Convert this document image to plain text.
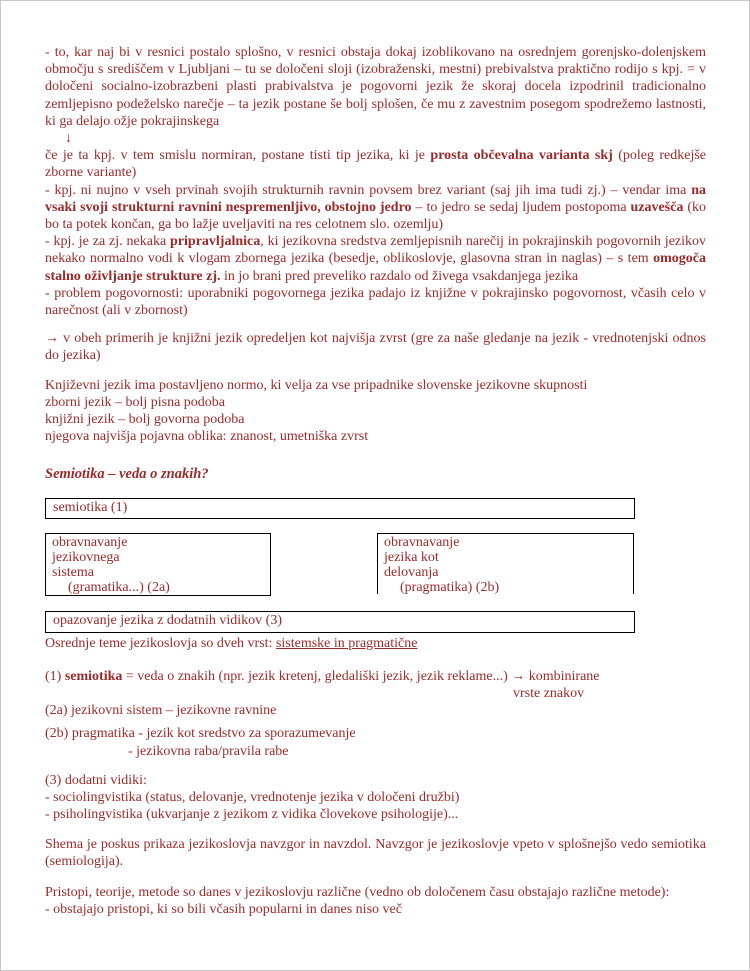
- to, kar naj bi v resnici postalo splošno, v resnici obstaja dokaj izoblikovano na osrednjem gorenjsko-dolenjskem območju s središčem v Ljubljani – tu se določeni sloji (izobraženski, mestni) prebivalstva praktično rodijo s kpj. = v določeni socialno-izobrazbeni plasti prabivalstva je pogovorni jezik že skoraj docela izpodrinil tradicionalno zemljepisno podeželsko narečje – ta jezik postane še bolj splošen, če mu z zavestnim posegom spodrežemo lastnosti, ki ga delajo ožje pokrajinskega

↓

če je ta kpj. v tem smislu normiran, postane tisti tip jezika, ki je prosta občevalna varianta skj (poleg redkejše zborne variante)

- kpj. ni nujno v vseh prvinah svojih strukturnih ravnin povsem brez variant (saj jih ima tudi zj.) – vendar ima na vsaki svoji strukturni ravnini nespremenljivo, obstojno jedro – to jedro se sedaj ljudem postopoma uzavešča (ko bo ta potek končan, ga bo lažje uveljaviti na res celotnem slo. ozemlju)

- kpj. je za zj. nekaka pripravljalnica, ki jezikovna sredstva zemljepisnih narečij in pokrajinskih pogovornih jezikov nekako normalno vodi k vlogam zbornega jezika (besedje, oblikoslovje, glasovna stran in naglas) – s tem omogoča stalno oživljanje strukture zj. in jo brani pred preveliko razdalo od živega vsakdanjega jezika

- problem pogovornosti: uporabniki pogovornega jezika padajo iz knjižne v pokrajinsko pogovornost, včasih celo v narečnost (ali v zbornost)

→ v obeh primerih je knjižni jezik opredeljen kot najvišja zvrst (gre za naše gledanje na jezik - vrednotenjski odnos do jezika)

Književni jezik ima postavljeno normo, ki velja za vse pripadnike slovenske jezikovne skupnosti

zborni jezik – bolj pisna podoba

knjižni jezik – bolj govorna podoba

njegova najvišja pojavna oblika: znanost, umetniška zvrst

Semiotika – veda o znakih?
semiotika (1)
obravnavanje
jezikovnega
sistema
(gramatika...) (2a)
obravnavanje
jezika kot
delovanja
(pragmatika) (2b)
opazovanje jezika z dodatnih vidikov (3)

Osrednje teme jezikoslovja so dveh vrst: sistemske in pragmatične

(1) semiotika = veda o znakih (npr. jezik kretenj, gledališki jezik, jezik reklame...) → kombinirane

vrste znakov

(2a) jezikovni sistem – jezikovne ravnine

(2b) pragmatika - jezik kot sredstvo za sporazumevanje

- jezikovna raba/pravila rabe

(3) dodatni vidiki:

- sociolingvistika (status, delovanje, vrednotenje jezika v določeni družbi)

- psiholingvistika (ukvarjanje z jezikom z vidika človekove psihologije)...

Shema je poskus prikaza jezikoslovja navzgor in navzdol. Navzgor je jezikoslovje vpeto v splošnejšo vedo semiotika (semiologija).

Pristopi, teorije, metode so danes v jezikoslovju različne (vedno ob določenem času obstajajo različne metode):

- obstajajo pristopi, ki so bili včasih popularni in danes niso več
